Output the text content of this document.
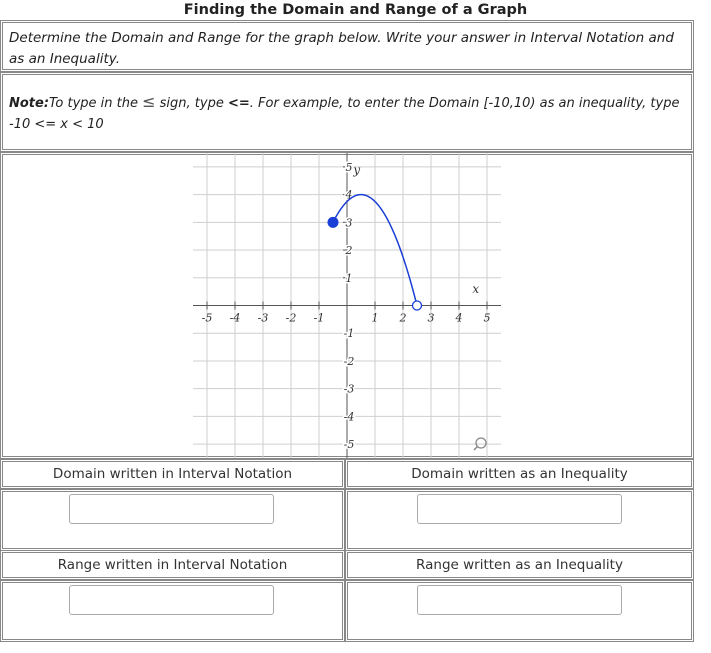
Finding the Domain and Range of a Graph
Determine the Domain and Range for the graph below. Write your answer in Interval Notation and as an Inequality.
Note:To type in the ≤ sign, type <=. For example, to enter the Domain [-10,10) as an inequality, type -10 <= x < 10
-5 -4 -3 -2 -1	1 2 3 4 5
5
4
3
2
1
-1
-2
-3
-4
-5
x
y
Domain written in Interval Notation	Domain written as an Inequality
Range written in Interval Notation	Range written as an Inequality
